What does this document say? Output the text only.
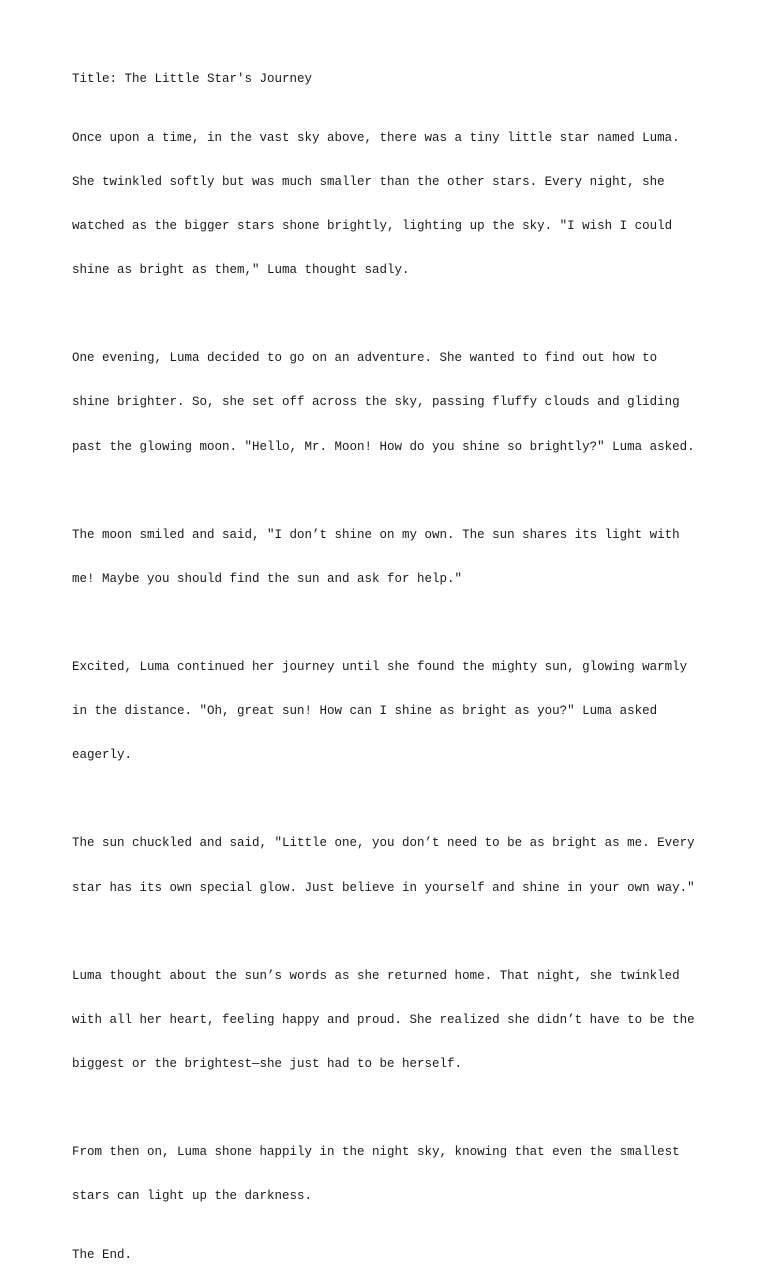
Title: The Little Star's Journey

Once upon a time, in the vast sky above, there was a tiny little star named Luma.

She twinkled softly but was much smaller than the other stars. Every night, she

watched as the bigger stars shone brightly, lighting up the sky. "I wish I could

shine as bright as them," Luma thought sadly.

One evening, Luma decided to go on an adventure. She wanted to find out how to

shine brighter. So, she set off across the sky, passing fluffy clouds and gliding

past the glowing moon. "Hello, Mr. Moon! How do you shine so brightly?" Luma asked.

The moon smiled and said, "I don’t shine on my own. The sun shares its light with

me! Maybe you should find the sun and ask for help."

Excited, Luma continued her journey until she found the mighty sun, glowing warmly

in the distance. "Oh, great sun! How can I shine as bright as you?" Luma asked

eagerly.

The sun chuckled and said, "Little one, you don’t need to be as bright as me. Every

star has its own special glow. Just believe in yourself and shine in your own way."

Luma thought about the sun’s words as she returned home. That night, she twinkled

with all her heart, feeling happy and proud. She realized she didn’t have to be the

biggest or the brightest—she just had to be herself.

From then on, Luma shone happily in the night sky, knowing that even the smallest

stars can light up the darkness.

The End.
